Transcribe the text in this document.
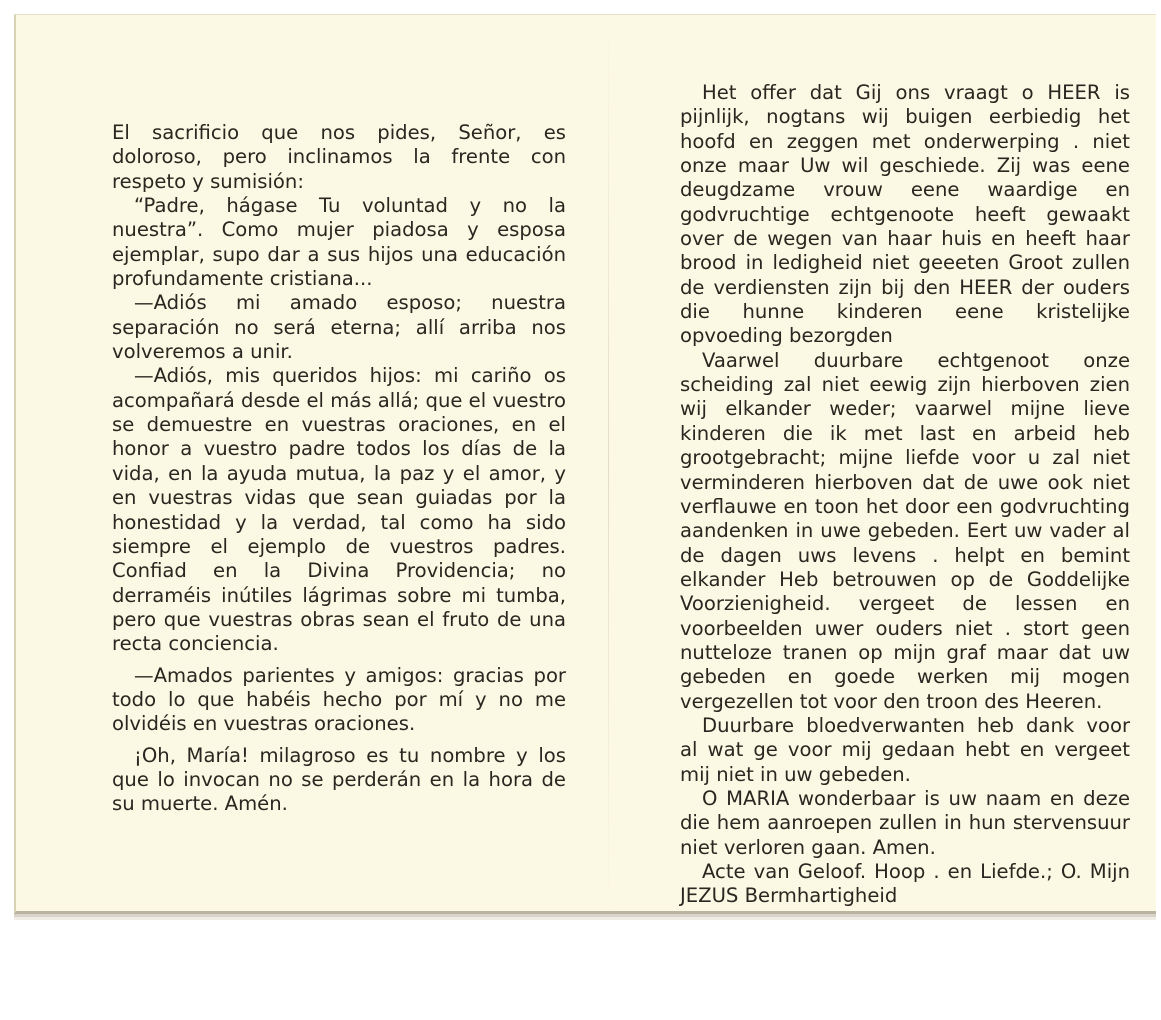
El sacrificio que nos pides, Señor, es doloroso, pero inclinamos la frente con respeto y sumisión:

“Padre, hágase Tu voluntad y no la nuestra”. Como mujer piadosa y esposa ejemplar, supo dar a sus hijos una educación profundamente cristiana...

—Adiós mi amado esposo; nuestra separación no será eterna; allí arriba nos volveremos a unir.

—Adiós, mis queridos hijos: mi cariño os acompañará desde el más allá; que el vuestro se demuestre en vuestras oraciones, en el honor a vuestro padre todos los días de la vida, en la ayuda mutua, la paz y el amor, y en vuestras vidas que sean guiadas por la honestidad y la verdad, tal como ha sido siempre el ejemplo de vuestros padres. Confiad en la Divina Providencia; no derraméis inútiles lágrimas sobre mi tumba, pero que vuestras obras sean el fruto de una recta conciencia.

—Amados parientes y amigos: gracias por todo lo que habéis hecho por mí y no me olvidéis en vuestras oraciones.

¡Oh, María! milagroso es tu nombre y los que lo invocan no se perderán en la hora de su muerte. Amén.

Het offer dat Gij ons vraagt o HEER is pijnlijk, nogtans wij buigen eerbiedig het hoofd en zeggen met onderwerping . niet onze maar Uw wil geschiede. Zij was eene deugdzame vrouw eene waardige en godvruchtige echtgenoote heeft gewaakt over de wegen van haar huis en heeft haar brood in ledigheid niet geeeten Groot zullen de verdiensten zijn bij den HEER der ouders die hunne kinderen eene kristelijke opvoeding bezorgden

Vaarwel duurbare echtgenoot onze scheiding zal niet eewig zijn hierboven zien wij elkander weder; vaarwel mijne lieve kinderen die ik met last en arbeid heb grootgebracht; mijne liefde voor u zal niet verminderen hierboven dat de uwe ook niet verflauwe en toon het door een godvruchting aandenken in uwe gebeden. Eert uw vader al de dagen uws levens . helpt en bemint elkander Heb betrouwen op de Goddelijke Voorzienigheid. vergeet de lessen en voorbeelden uwer ouders niet . stort geen nutteloze tranen op mijn graf maar dat uw gebeden en goede werken mij mogen vergezellen tot voor den troon des Heeren.

Duurbare bloedverwanten heb dank voor al wat ge voor mij gedaan hebt en vergeet mij niet in uw gebeden.

O MARIA wonderbaar is uw naam en deze die hem aanroepen zullen in hun stervensuur niet verloren gaan. Amen.

Acte van Geloof. Hoop . en Liefde.; O. Mijn JEZUS Bermhartigheid
